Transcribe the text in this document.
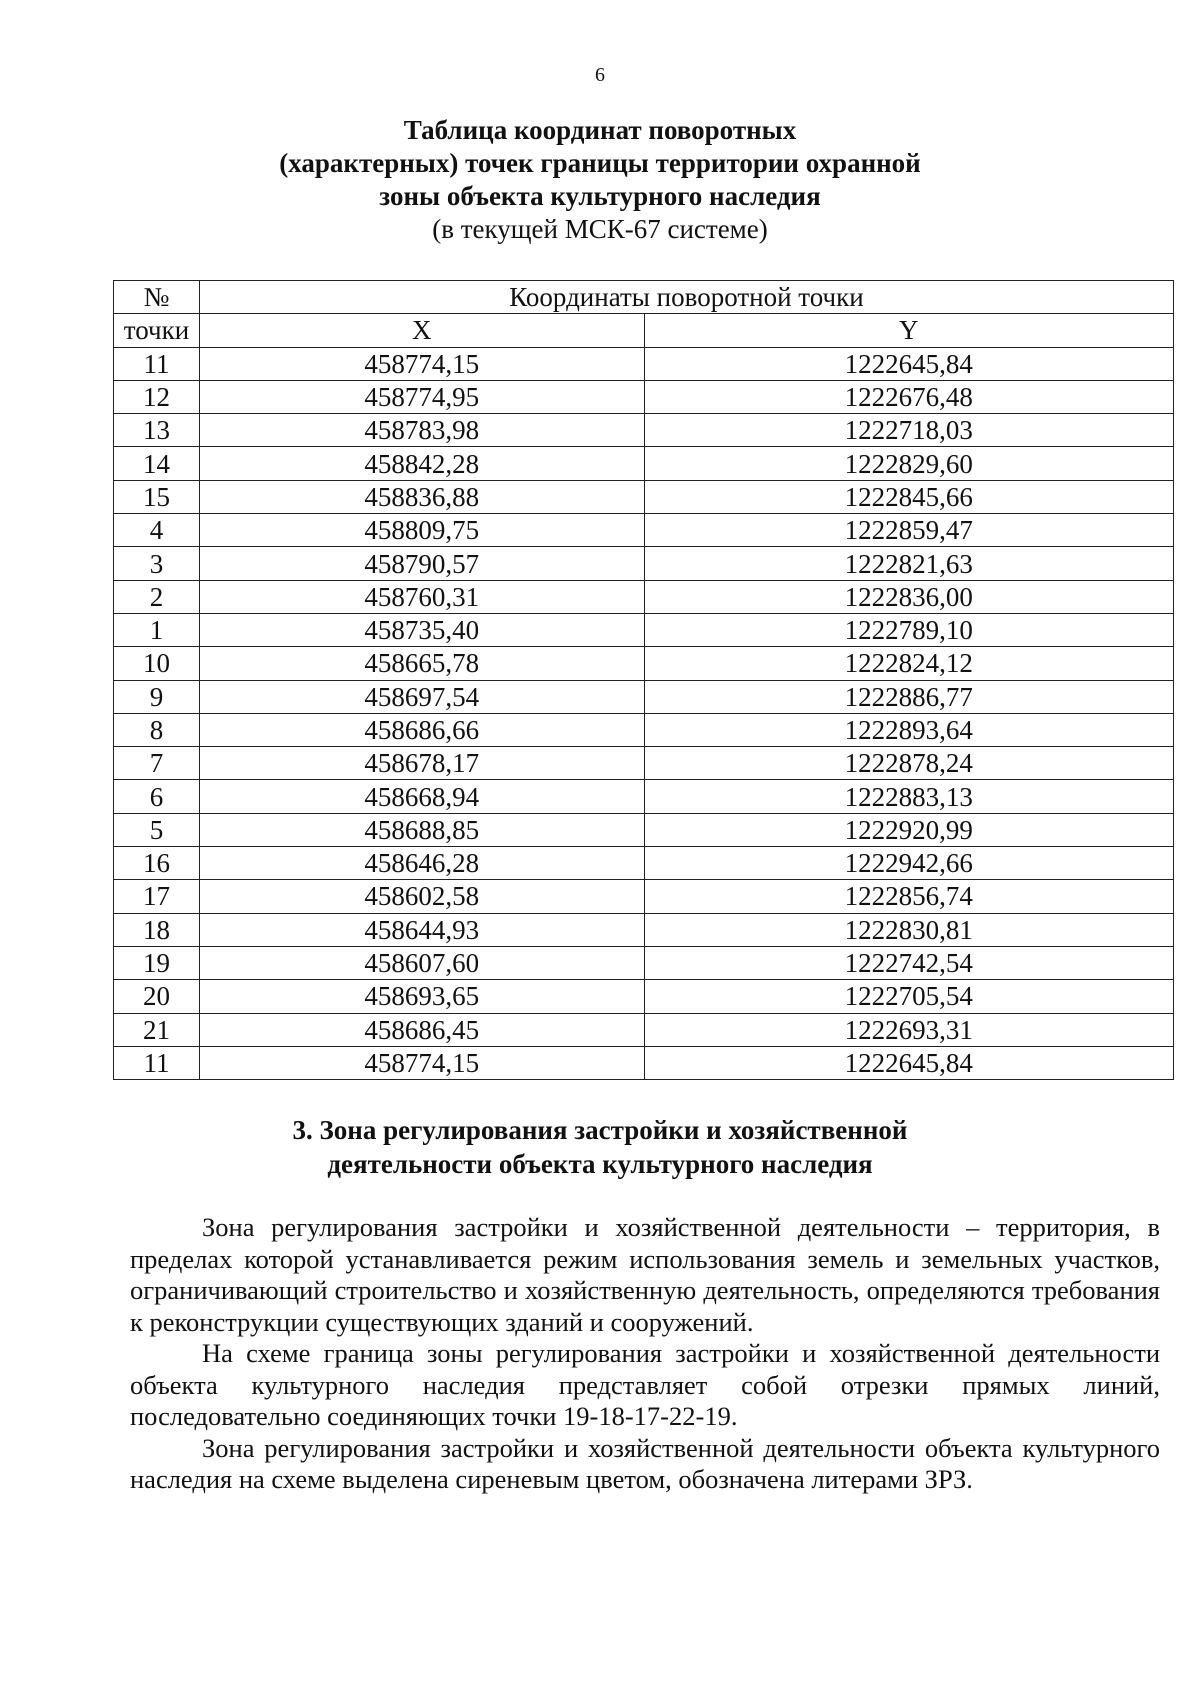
6
Таблица координат поворотных
(характерных) точек границы территории охранной
зоны объекта культурного наследия
(в текущей МСК-67 системе)
№	Координаты поворотной точки	
точки	X	Y
11	458774,15	1222645,84
12	458774,95	1222676,48
13	458783,98	1222718,03
14	458842,28	1222829,60
15	458836,88	1222845,66
4	458809,75	1222859,47
3	458790,57	1222821,63
2	458760,31	1222836,00
1	458735,40	1222789,10
10	458665,78	1222824,12
9	458697,54	1222886,77
8	458686,66	1222893,64
7	458678,17	1222878,24
6	458668,94	1222883,13
5	458688,85	1222920,99
16	458646,28	1222942,66
17	458602,58	1222856,74
18	458644,93	1222830,81
19	458607,60	1222742,54
20	458693,65	1222705,54
21	458686,45	1222693,31
11	458774,15	1222645,84
3. Зона регулирования застройки и хозяйственной
деятельности объекта культурного наследия

Зона регулирования застройки и хозяйственной деятельности – территория, в пределах которой устанавливается режим использования земель и земельных участков, ограничивающий строительство и хозяйственную деятельность, определяются требования к реконструкции существующих зданий и сооружений.

На схеме граница зоны регулирования застройки и хозяйственной деятельности объекта культурного наследия представляет собой отрезки прямых линий, последовательно соединяющих точки 19-18-17-22-19.

Зона регулирования застройки и хозяйственной деятельности объекта культурного наследия на схеме выделена сиреневым цветом, обозначена литерами ЗРЗ.
